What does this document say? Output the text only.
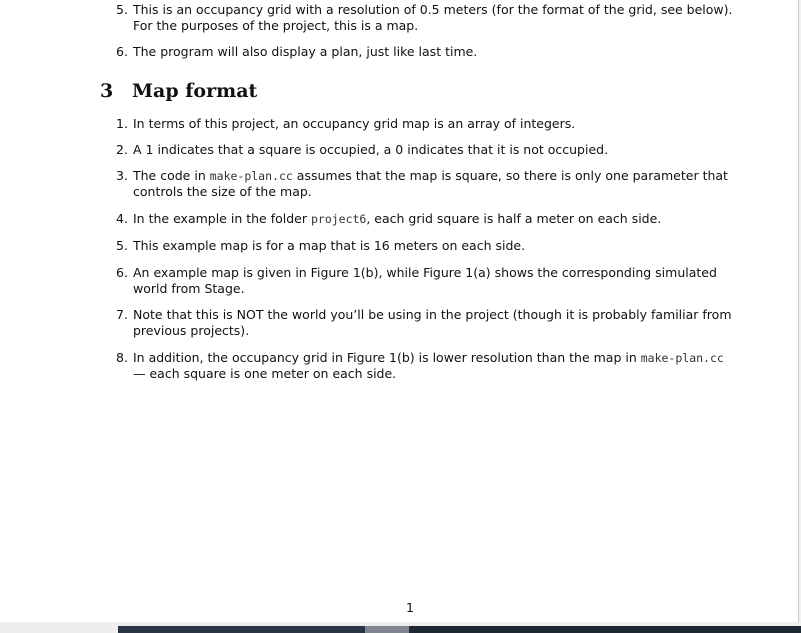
5. This is an occupancy grid with a resolution of 0.5 meters (for the format of the grid, see below). For the purposes of the project, this is a map.
6. The program will also display a plan, just like last time.
3 Map format
1. In terms of this project, an occupancy grid map is an array of integers.
2. A 1 indicates that a square is occupied, a 0 indicates that it is not occupied.
3. The code in make-plan.cc assumes that the map is square, so there is only one parameter that controls the size of the map.
4. In the example in the folder project6, each grid square is half a meter on each side.
5. This example map is for a map that is 16 meters on each side.
6. An example map is given in Figure 1(b), while Figure 1(a) shows the corresponding simulated world from Stage.
7. Note that this is NOT the world you’ll be using in the project (though it is probably familiar from previous projects).
8. In addition, the occupancy grid in Figure 1(b) is lower resolution than the map in make-plan.cc — each square is one meter on each side.
1
